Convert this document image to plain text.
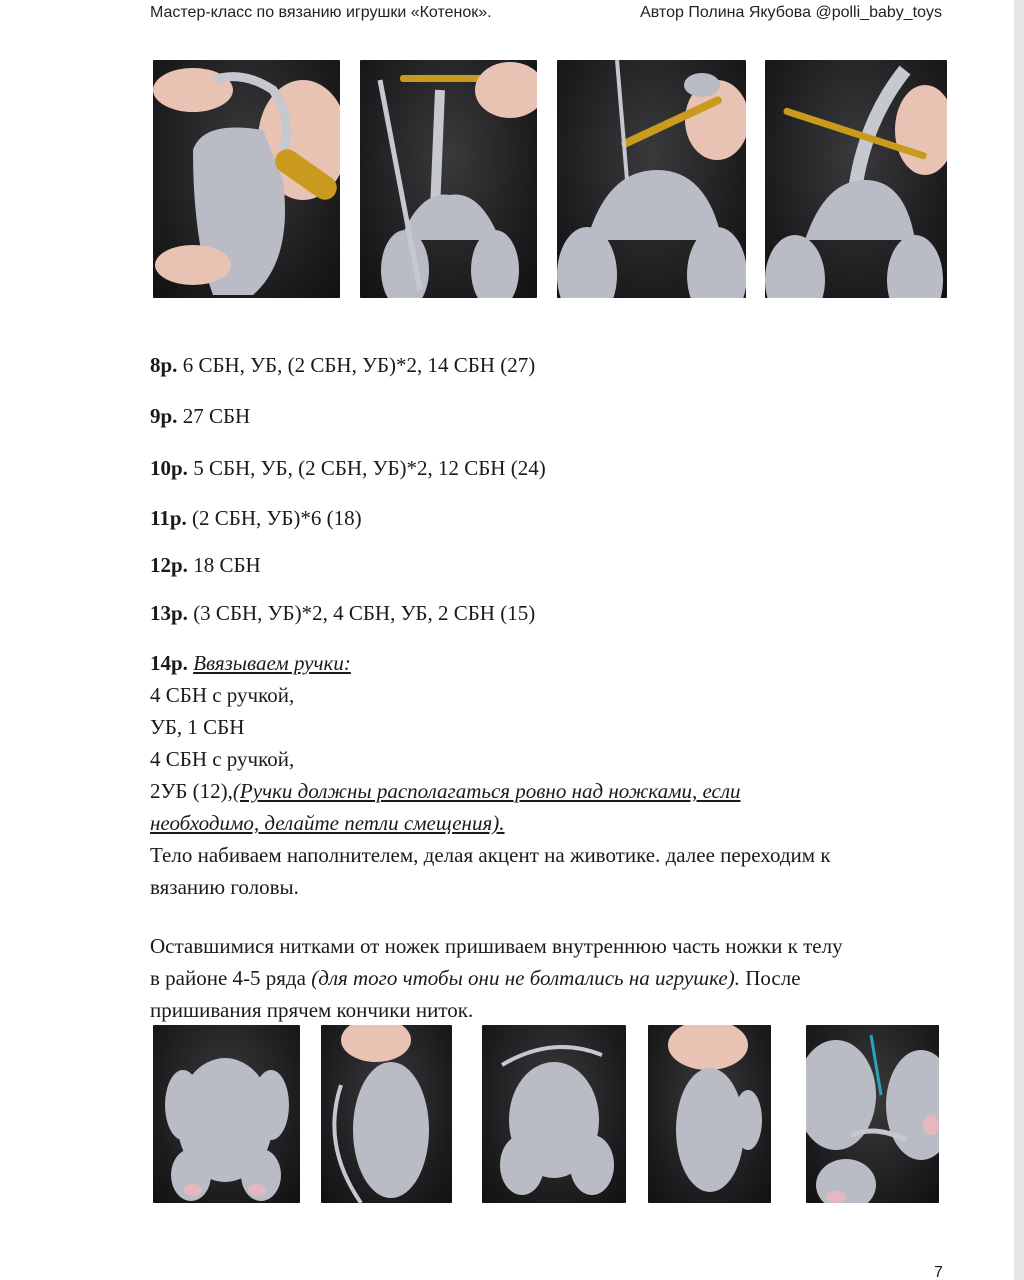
Мастер-класс по вязанию игрушки «Котенок».	Автор Полина Якубова @polli_baby_toys
8р. 6 СБН, УБ, (2 СБН, УБ)*2, 14 СБН (27)
9р. 27 СБН
10р. 5 СБН, УБ, (2 СБН, УБ)*2, 12 СБН (24)
11р. (2 СБН, УБ)*6 (18)
12р. 18 СБН
13р. (3 СБН, УБ)*2, 4 СБН, УБ, 2 СБН (15)
14р. Ввязываем ручки:
4 СБН с ручкой,
УБ, 1 СБН
4 СБН с ручкой,
2УБ (12),(Ручки должны располагаться ровно над ножками, если
необходимо, делайте петли смещения).
Тело набиваем наполнителем, делая акцент на животике. далее переходим к
вязанию головы.
Оставшимися нитками от ножек пришиваем внутреннюю часть ножки к телу
в районе 4-5 ряда (для того чтобы они не болтались на игрушке). После
пришивания прячем кончики ниток.
7
